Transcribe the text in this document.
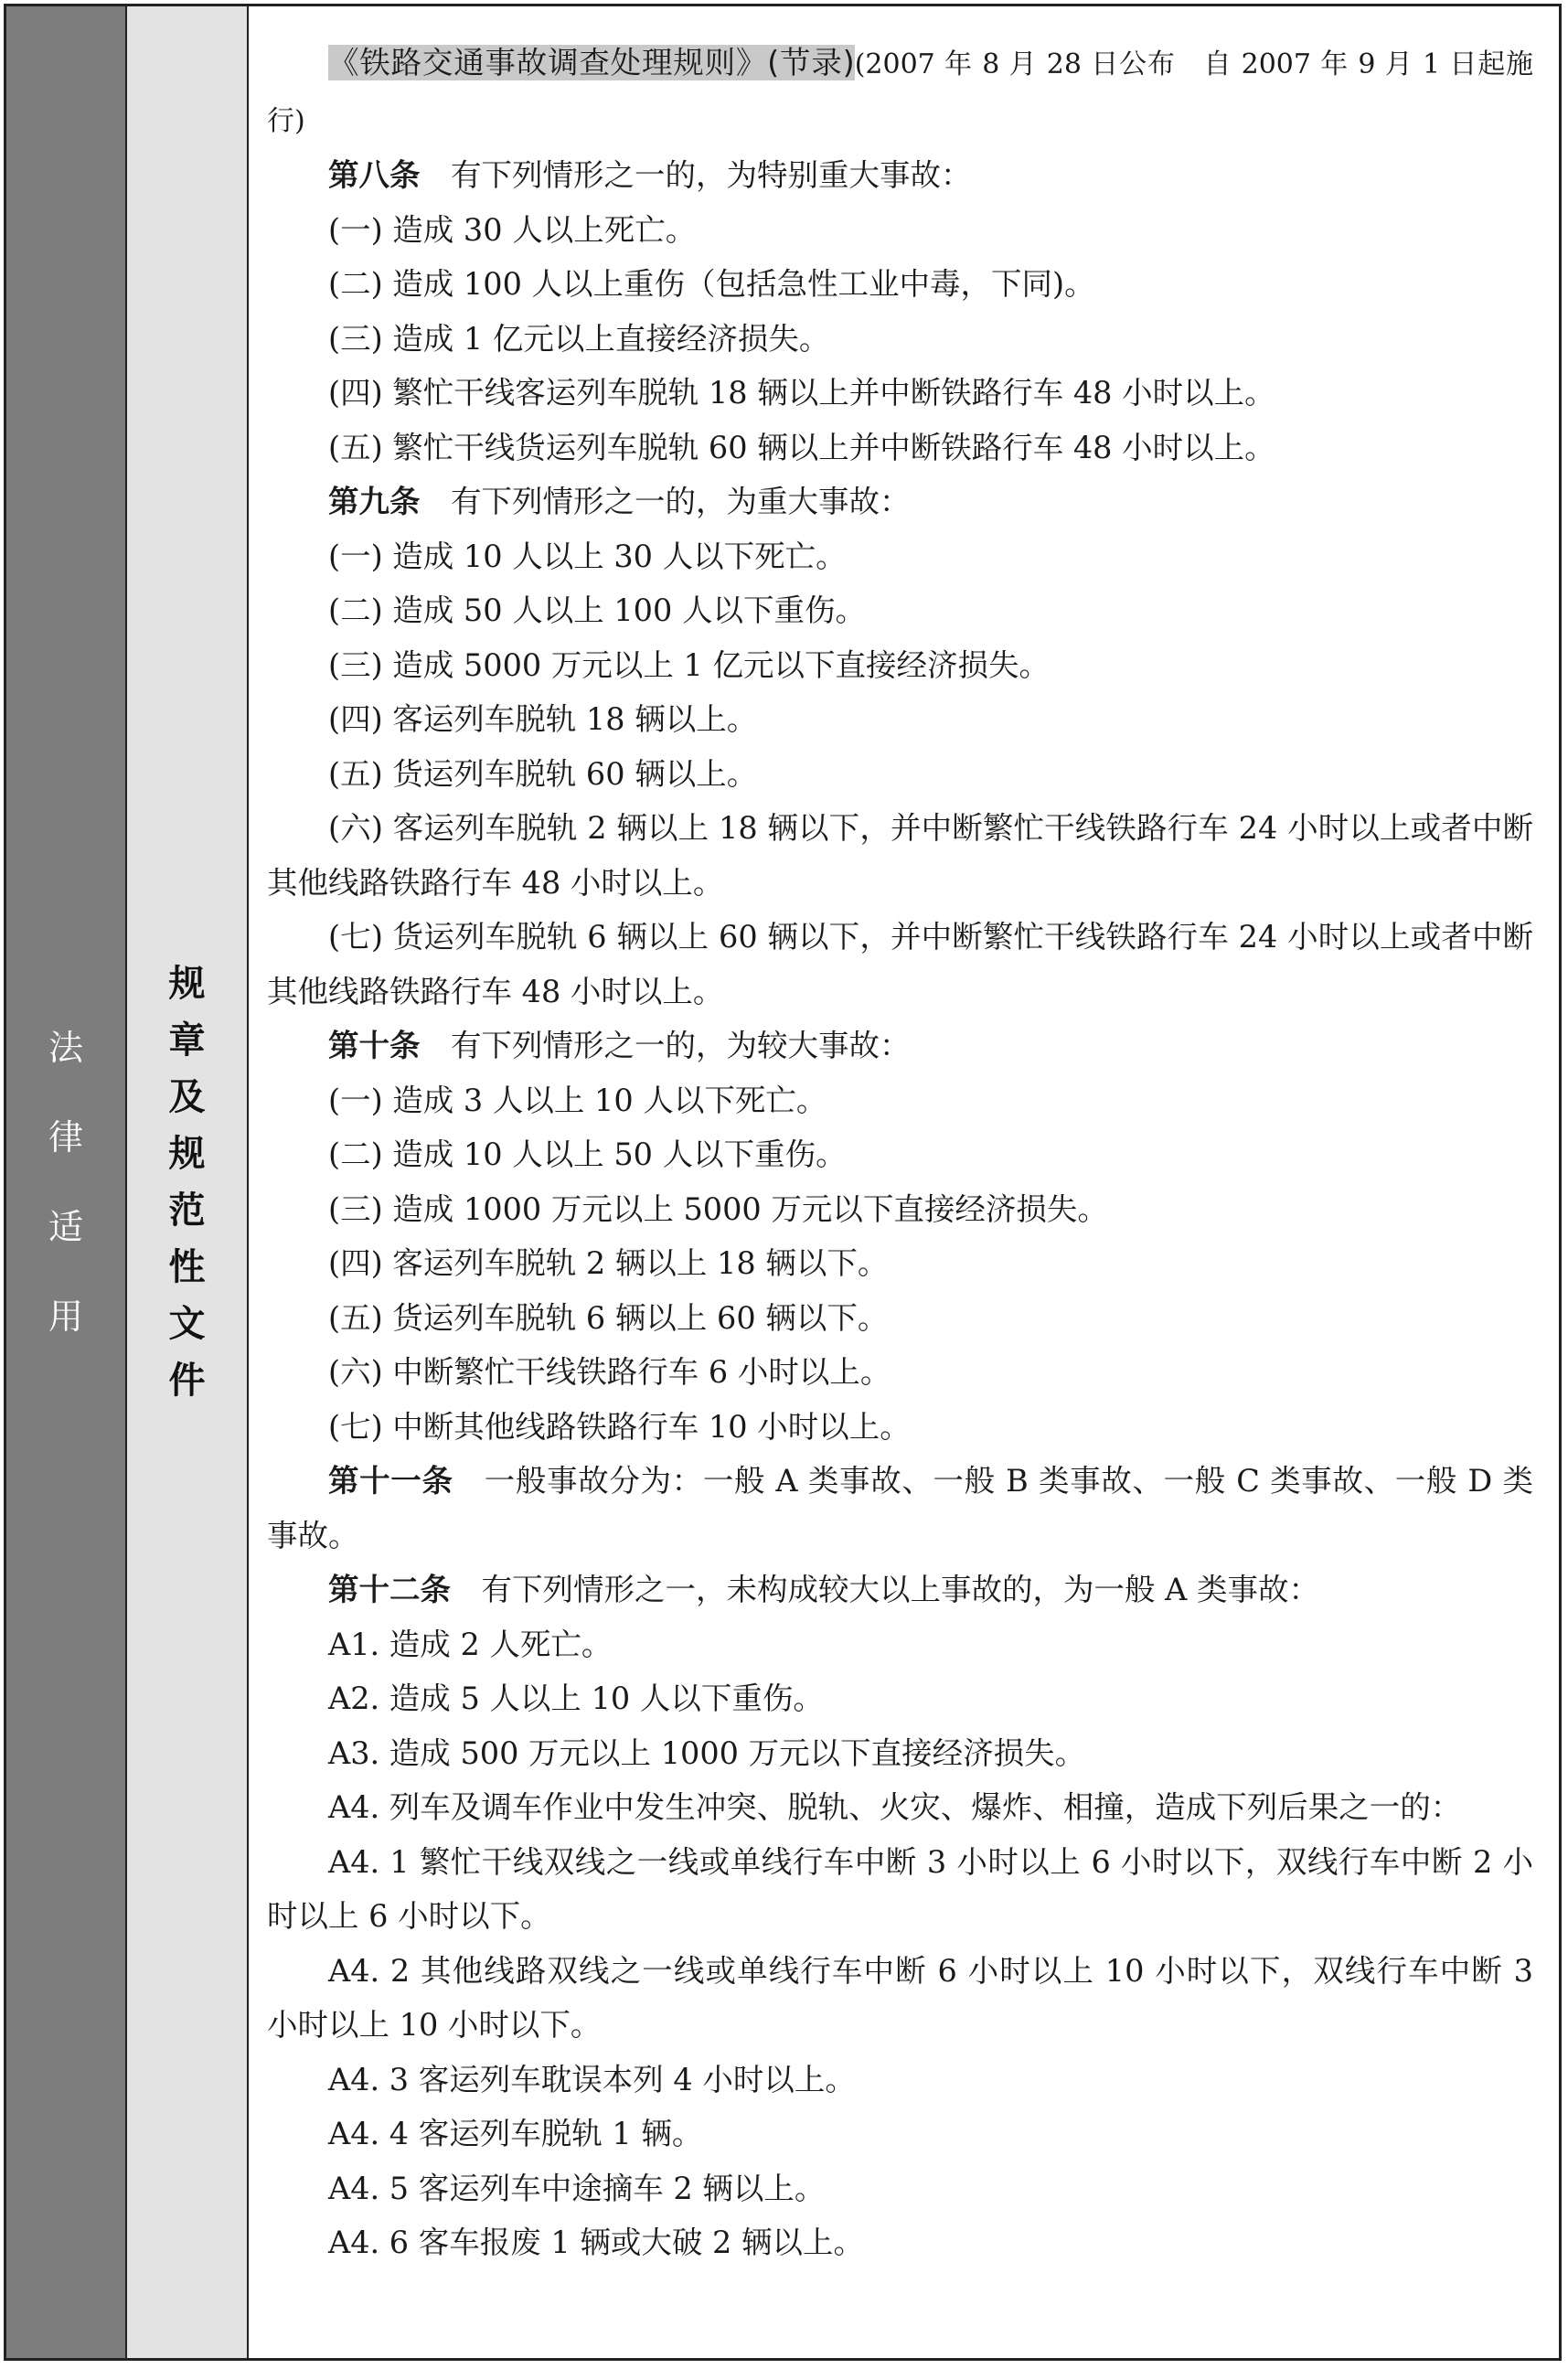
法
律
适
用
规
章
及
规
范
性
文
件

《铁路交通事故调查处理规则》(节录)(2007 年 8 月 28 日公布　自 2007 年 9 月 1 日起施行)

第八条　 有下列情形之一的，为特别重大事故：

(一) 造成 30 人以上死亡。

(二) 造成 100 人以上重伤（包括急性工业中毒，下同)。

(三) 造成 1 亿元以上直接经济损失。

(四) 繁忙干线客运列车脱轨 18 辆以上并中断铁路行车 48 小时以上。

(五) 繁忙干线货运列车脱轨 60 辆以上并中断铁路行车 48 小时以上。

第九条　 有下列情形之一的，为重大事故：

(一) 造成 10 人以上 30 人以下死亡。

(二) 造成 50 人以上 100 人以下重伤。

(三) 造成 5000 万元以上 1 亿元以下直接经济损失。

(四) 客运列车脱轨 18 辆以上。

(五) 货运列车脱轨 60 辆以上。

(六) 客运列车脱轨 2 辆以上 18 辆以下，并中断繁忙干线铁路行车 24 小时以上或者中断其他线路铁路行车 48 小时以上。

(七) 货运列车脱轨 6 辆以上 60 辆以下，并中断繁忙干线铁路行车 24 小时以上或者中断其他线路铁路行车 48 小时以上。

第十条　 有下列情形之一的，为较大事故：

(一) 造成 3 人以上 10 人以下死亡。

(二) 造成 10 人以上 50 人以下重伤。

(三) 造成 1000 万元以上 5000 万元以下直接经济损失。

(四) 客运列车脱轨 2 辆以上 18 辆以下。

(五) 货运列车脱轨 6 辆以上 60 辆以下。

(六) 中断繁忙干线铁路行车 6 小时以上。

(七) 中断其他线路铁路行车 10 小时以上。

第十一条　 一般事故分为：一般 A 类事故、一般 B 类事故、一般 C 类事故、一般 D 类事故。

第十二条　 有下列情形之一，未构成较大以上事故的，为一般 A 类事故：

A1. 造成 2 人死亡。

A2. 造成 5 人以上 10 人以下重伤。

A3. 造成 500 万元以上 1000 万元以下直接经济损失。

A4. 列车及调车作业中发生冲突、脱轨、火灾、爆炸、相撞，造成下列后果之一的：

A4. 1 繁忙干线双线之一线或单线行车中断 3 小时以上 6 小时以下，双线行车中断 2 小时以上 6 小时以下。

A4. 2 其他线路双线之一线或单线行车中断 6 小时以上 10 小时以下，双线行车中断 3 小时以上 10 小时以下。

A4. 3 客运列车耽误本列 4 小时以上。

A4. 4 客运列车脱轨 1 辆。

A4. 5 客运列车中途摘车 2 辆以上。

A4. 6 客车报废 1 辆或大破 2 辆以上。
